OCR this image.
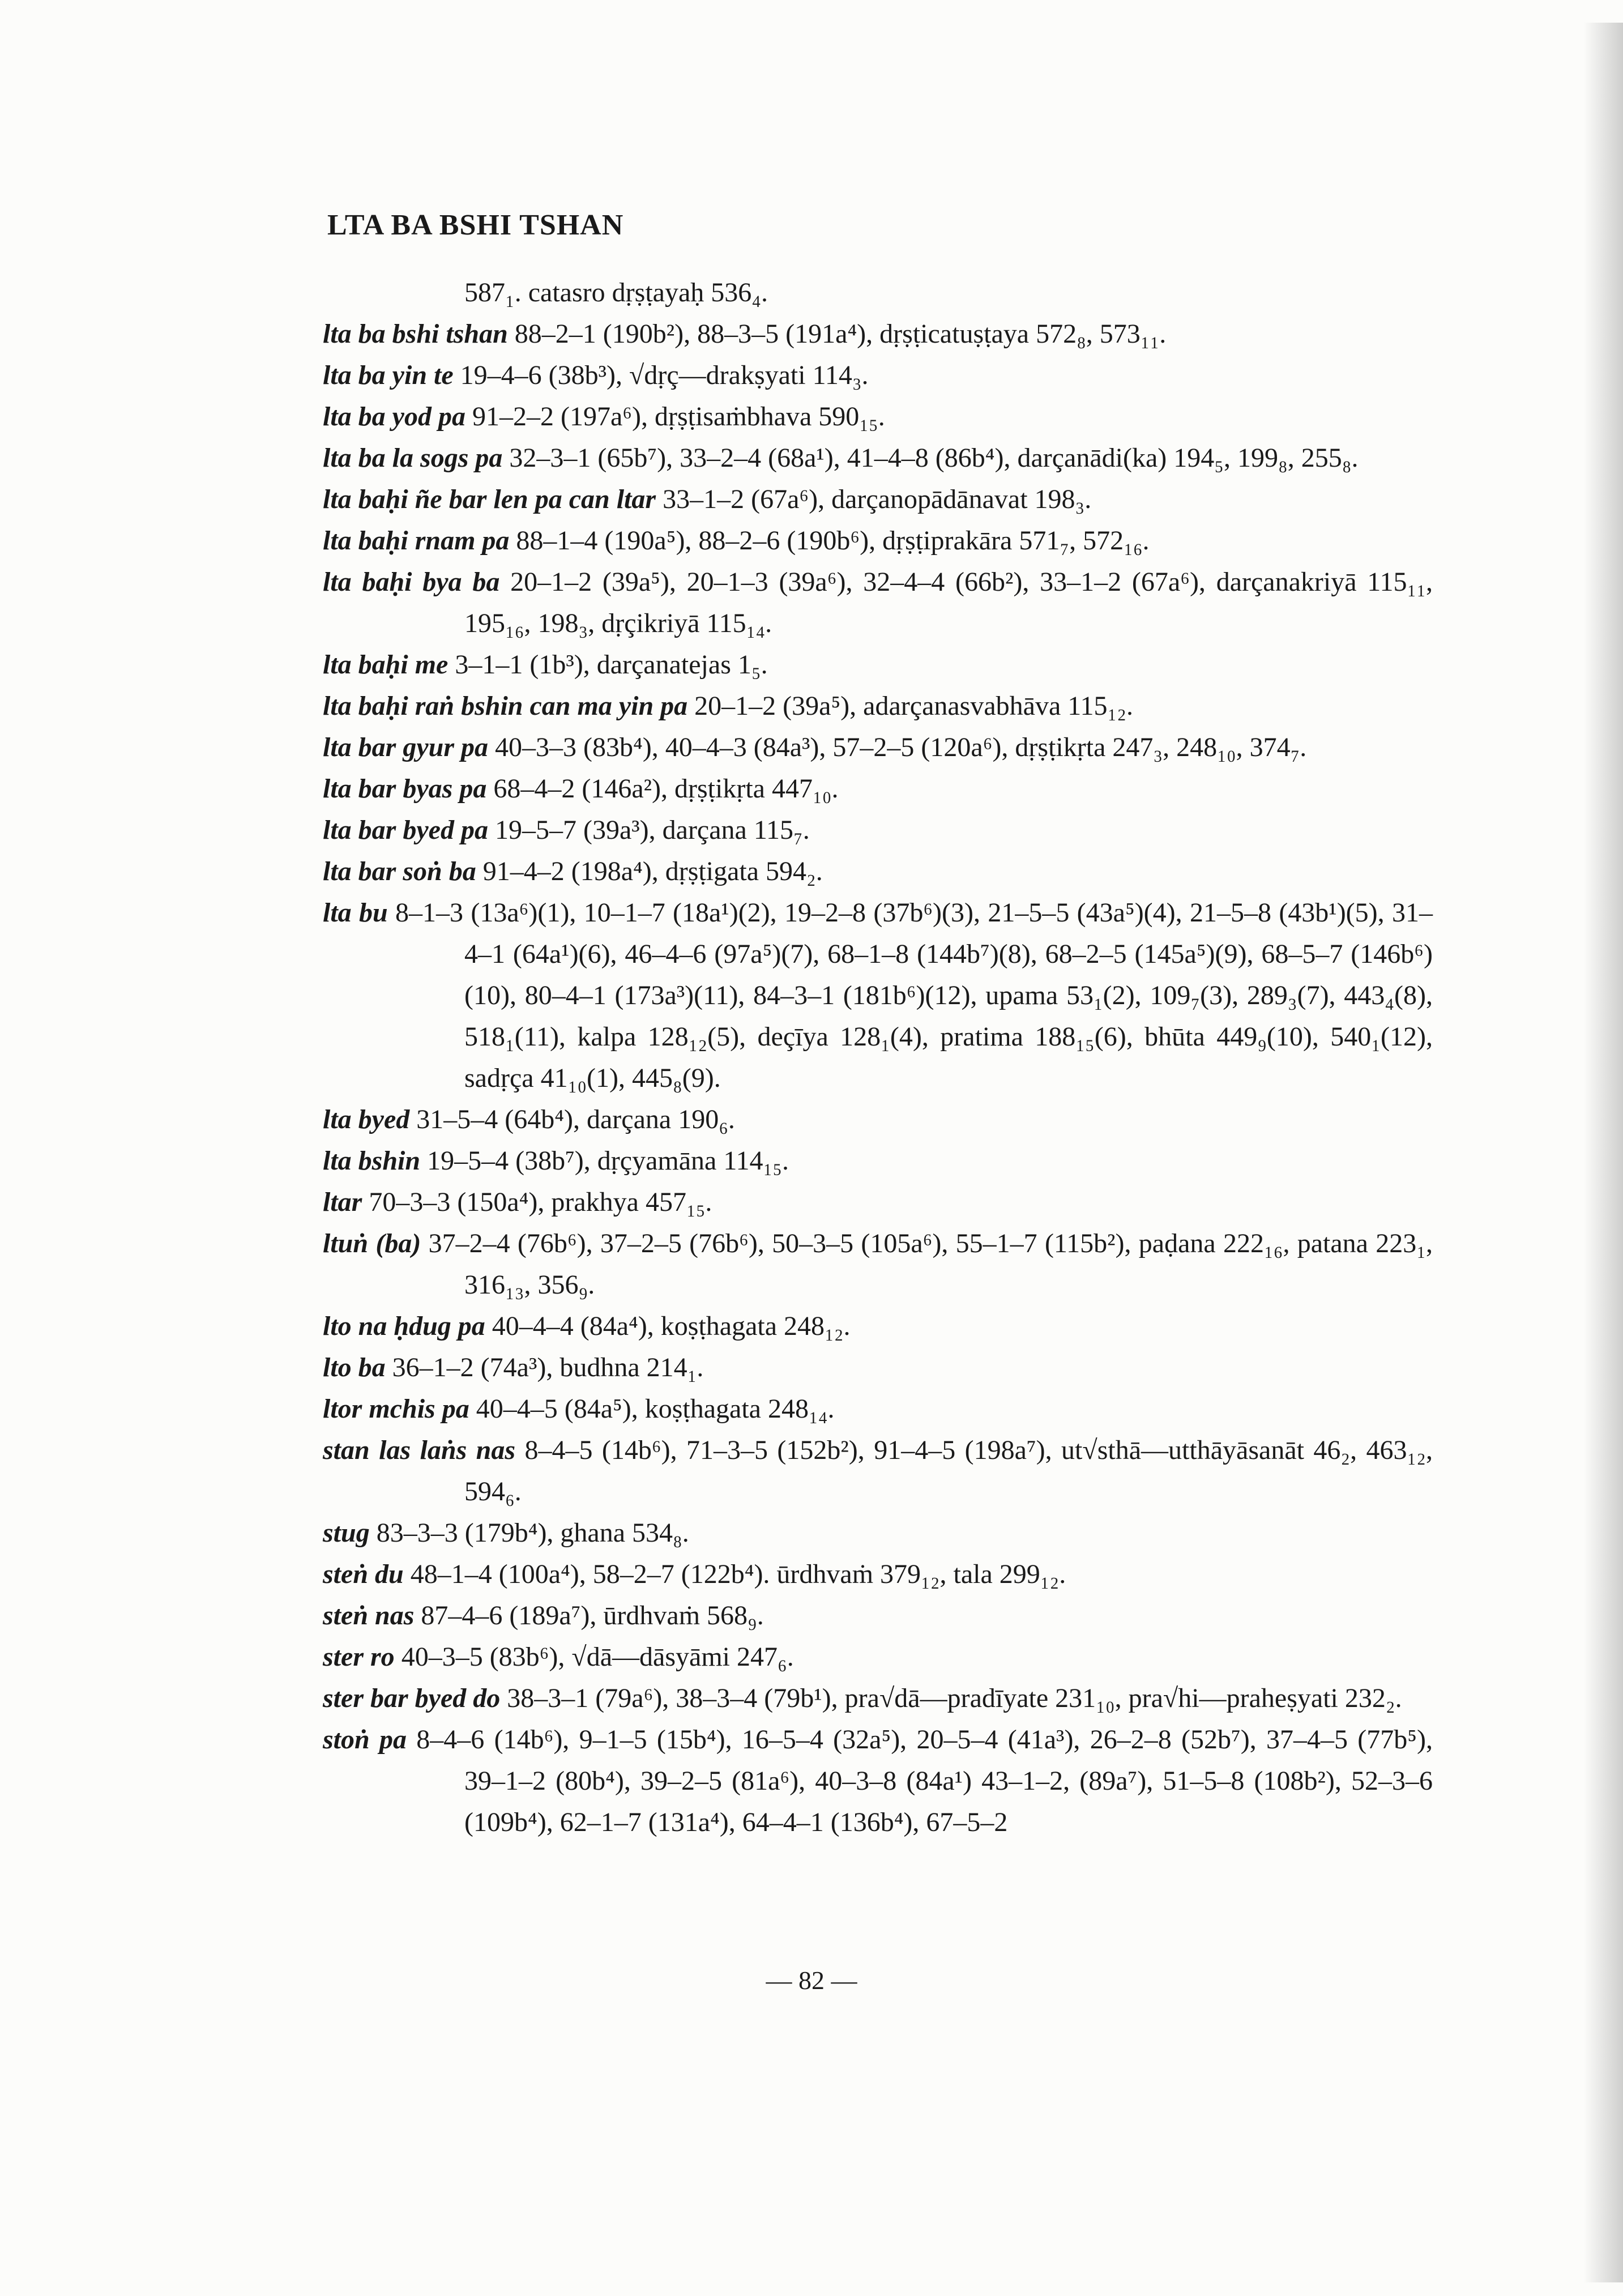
LTA BA BSHI TSHAN
587₁. catasro dṛṣṭayaḥ 536₄.
lta ba bshi tshan 88–2–1 (190b²), 88–3–5 (191a⁴), dṛṣṭicatuṣṭaya 572₈, 573₁₁.
lta ba yin te 19–4–6 (38b³), √dṛç—drakṣyati 114₃.
lta ba yod pa 91–2–2 (197a⁶), dṛṣṭisaṁbhava 590₁₅.
lta ba la sogs pa 32–3–1 (65b⁷), 33–2–4 (68a¹), 41–4–8 (86b⁴), darçanādi(ka) 194₅, 199₈, 255₈.
lta baḥi ñe bar len pa can ltar 33–1–2 (67a⁶), darçanopādānavat 198₃.
lta baḥi rnam pa 88–1–4 (190a⁵), 88–2–6 (190b⁶), dṛṣṭiprakāra 571₇, 572₁₆.
lta baḥi bya ba 20–1–2 (39a⁵), 20–1–3 (39a⁶), 32–4–4 (66b²), 33–1–2 (67a⁶), darçanakriyā 115₁₁, 195₁₆, 198₃, dṛçikriyā 115₁₄.
lta baḥi me 3–1–1 (1b³), darçanatejas 1₅.
lta baḥi raṅ bshin can ma yin pa 20–1–2 (39a⁵), adarçanasvabhāva 115₁₂.
lta bar gyur pa 40–3–3 (83b⁴), 40–4–3 (84a³), 57–2–5 (120a⁶), dṛṣṭikṛta 247₃, 248₁₀, 374₇.
lta bar byas pa 68–4–2 (146a²), dṛṣṭikṛta 447₁₀.
lta bar byed pa 19–5–7 (39a³), darçana 115₇.
lta bar soṅ ba 91–4–2 (198a⁴), dṛṣṭigata 594₂.
lta bu 8–1–3 (13a⁶)(1), 10–1–7 (18a¹)(2), 19–2–8 (37b⁶)(3), 21–5–5 (43a⁵)(4), 21–5–8 (43b¹)(5), 31–4–1 (64a¹)(6), 46–4–6 (97a⁵)(7), 68–1–8 (144b⁷)(8), 68–2–5 (145a⁵)(9), 68–5–7 (146b⁶)(10), 80–4–1 (173a³)(11), 84–3–1 (181b⁶)(12), upama 53₁(2), 109₇(3), 289₃(7), 443₄(8), 518₁(11), kalpa 128₁₂(5), deçīya 128₁(4), pratima 188₁₅(6), bhūta 449₉(10), 540₁(12), sadṛça 41₁₀(1), 445₈(9).
lta byed 31–5–4 (64b⁴), darçana 190₆.
lta bshin 19–5–4 (38b⁷), dṛçyamāna 114₁₅.
ltar 70–3–3 (150a⁴), prakhya 457₁₅.
ltuṅ (ba) 37–2–4 (76b⁶), 37–2–5 (76b⁶), 50–3–5 (105a⁶), 55–1–7 (115b²), paḍana 222₁₆, patana 223₁, 316₁₃, 356₉.
lto na ḥdug pa 40–4–4 (84a⁴), koṣṭhagata 248₁₂.
lto ba 36–1–2 (74a³), budhna 214₁.
ltor mchis pa 40–4–5 (84a⁵), koṣṭhagata 248₁₄.
stan las laṅs nas 8–4–5 (14b⁶), 71–3–5 (152b²), 91–4–5 (198a⁷), ut√sthā—utthāyāsanāt 46₂, 463₁₂, 594₆.
stug 83–3–3 (179b⁴), ghana 534₈.
steṅ du 48–1–4 (100a⁴), 58–2–7 (122b⁴). ūrdhvaṁ 379₁₂, tala 299₁₂.
steṅ nas 87–4–6 (189a⁷), ūrdhvaṁ 568₉.
ster ro 40–3–5 (83b⁶), √dā—dāsyāmi 247₆.
ster bar byed do 38–3–1 (79a⁶), 38–3–4 (79b¹), pra√dā—pradīyate 231₁₀, pra√hi—praheṣyati 232₂.
stoṅ pa 8–4–6 (14b⁶), 9–1–5 (15b⁴), 16–5–4 (32a⁵), 20–5–4 (41a³), 26–2–8 (52b⁷), 37–4–5 (77b⁵), 39–1–2 (80b⁴), 39–2–5 (81a⁶), 40–3–8 (84a¹) 43–1–2, (89a⁷), 51–5–8 (108b²), 52–3–6 (109b⁴), 62–1–7 (131a⁴), 64–4–1 (136b⁴), 67–5–2
— 82 —
